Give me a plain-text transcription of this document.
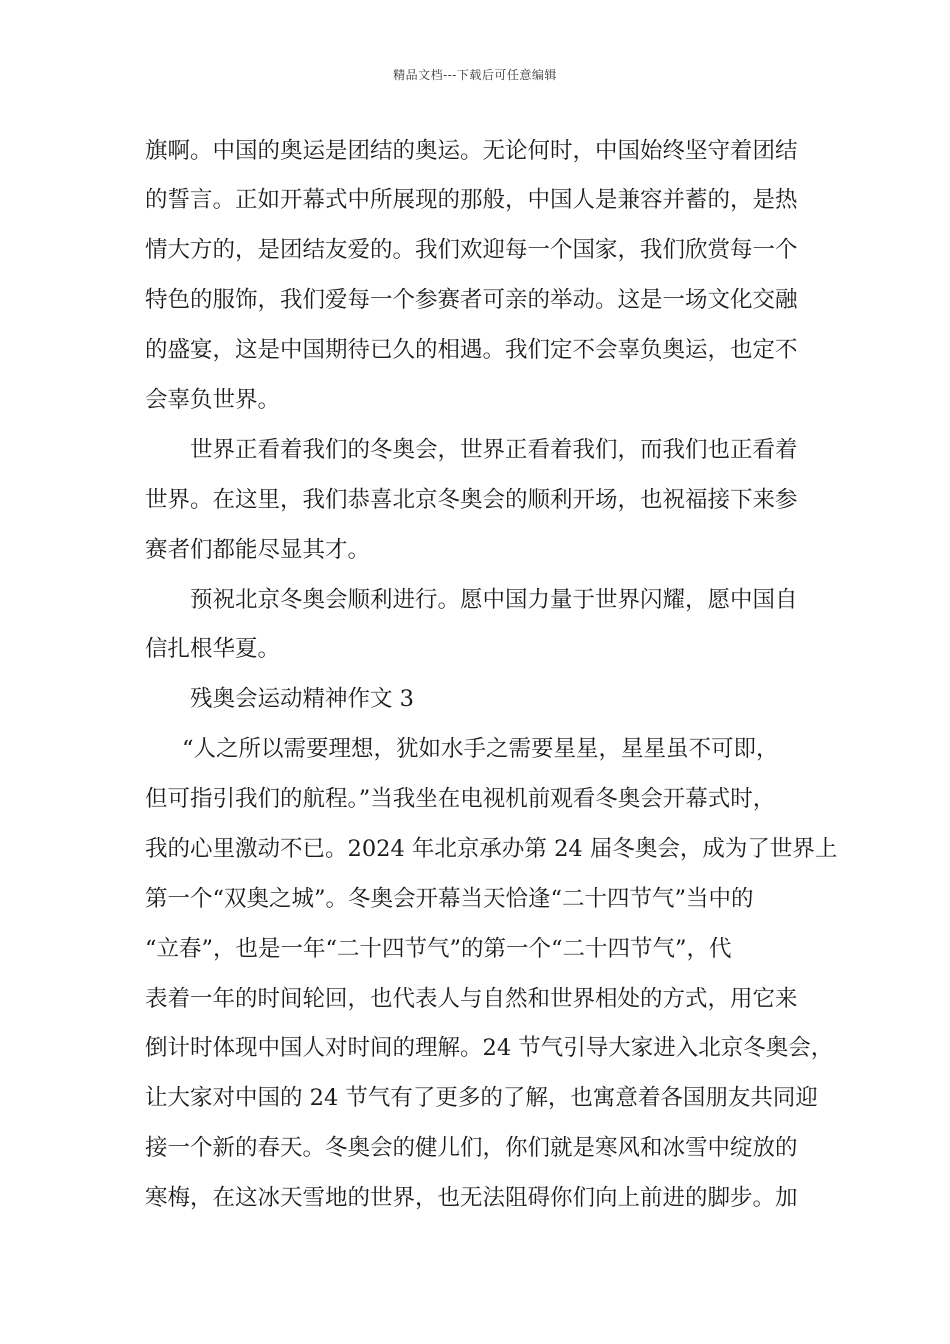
精品文档---下载后可任意编辑
旗啊。中国的奥运是团结的奥运。无论何时，中国始终坚守着团结
的誓言。正如开幕式中所展现的那般，中国人是兼容并蓄的，是热
情大方的，是团结友爱的。我们欢迎每一个国家，我们欣赏每一个
特色的服饰，我们爱每一个参赛者可亲的举动。这是一场文化交融
的盛宴，这是中国期待已久的相遇。我们定不会辜负奥运，也定不
会辜负世界。
世界正看着我们的冬奥会，世界正看着我们，而我们也正看着
世界。在这里，我们恭喜北京冬奥会的顺利开场，也祝福接下来参
赛者们都能尽显其才。
预祝北京冬奥会顺利进行。愿中国力量于世界闪耀，愿中国自
信扎根华夏。
残奥会运动精神作文 3
“人之所以需要理想，犹如水手之需要星星，星星虽不可即，
但可指引我们的航程。”当我坐在电视机前观看冬奥会开幕式时，
我的心里激动不已。2024 年北京承办第 24 届冬奥会，成为了世界上
第一个“双奥之城”。冬奥会开幕当天恰逢“二十四节气”当中的
“立春”，也是一年“二十四节气”的第一个“二十四节气”，代
表着一年的时间轮回，也代表人与自然和世界相处的方式，用它来
倒计时体现中国人对时间的理解。24 节气引导大家进入北京冬奥会，
让大家对中国的 24 节气有了更多的了解，也寓意着各国朋友共同迎
接一个新的春天。冬奥会的健儿们，你们就是寒风和冰雪中绽放的
寒梅，在这冰天雪地的世界，也无法阻碍你们向上前进的脚步。加
